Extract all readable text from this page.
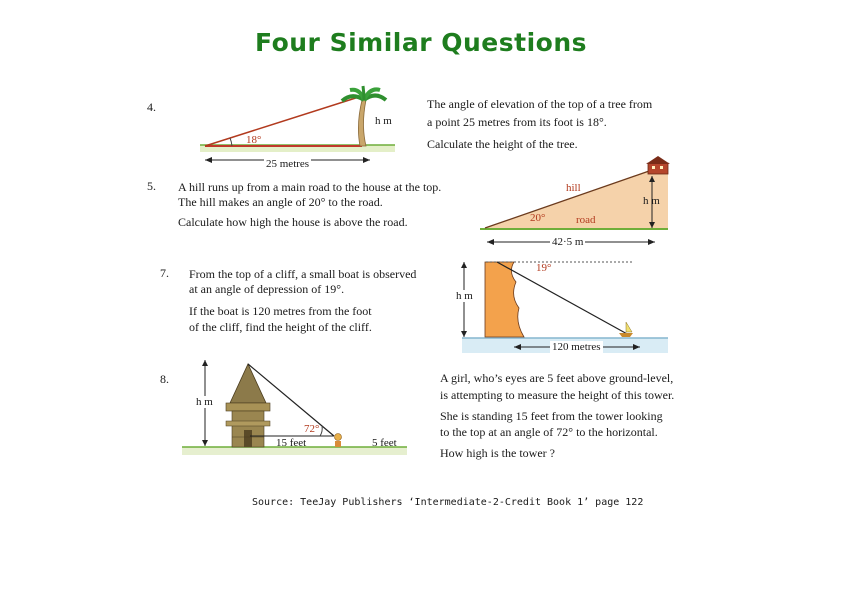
Four Similar Questions
4.	The angle of elevation of the top of a tree from
a point 25 metres from its foot is 18°.
Calculate the height of the tree.
h m
18°
25 metres
5. A hill runs up from a main road to the house at the top.
The hill makes an angle of 20° to the road.
Calculate how high the house is above the road.
hill
h m
20°	road
42·5 m
7. From the top of a cliff, a small boat is observed
at an angle of depression of 19°.
If the boat is 120 metres from the foot
of the cliff, find the height of the cliff.
19°
h m
120 metres
8.	A girl, who’s eyes are 5 feet above ground-level,
is attempting to measure the height of this tower.
She is standing 15 feet from the tower looking
to the top at an angle of 72° to the horizontal.
How high is the tower ?
h m
72°
15 feet	5 feet
Source: TeeJay Publishers ‘Intermediate-2-Credit Book 1’ page 122
